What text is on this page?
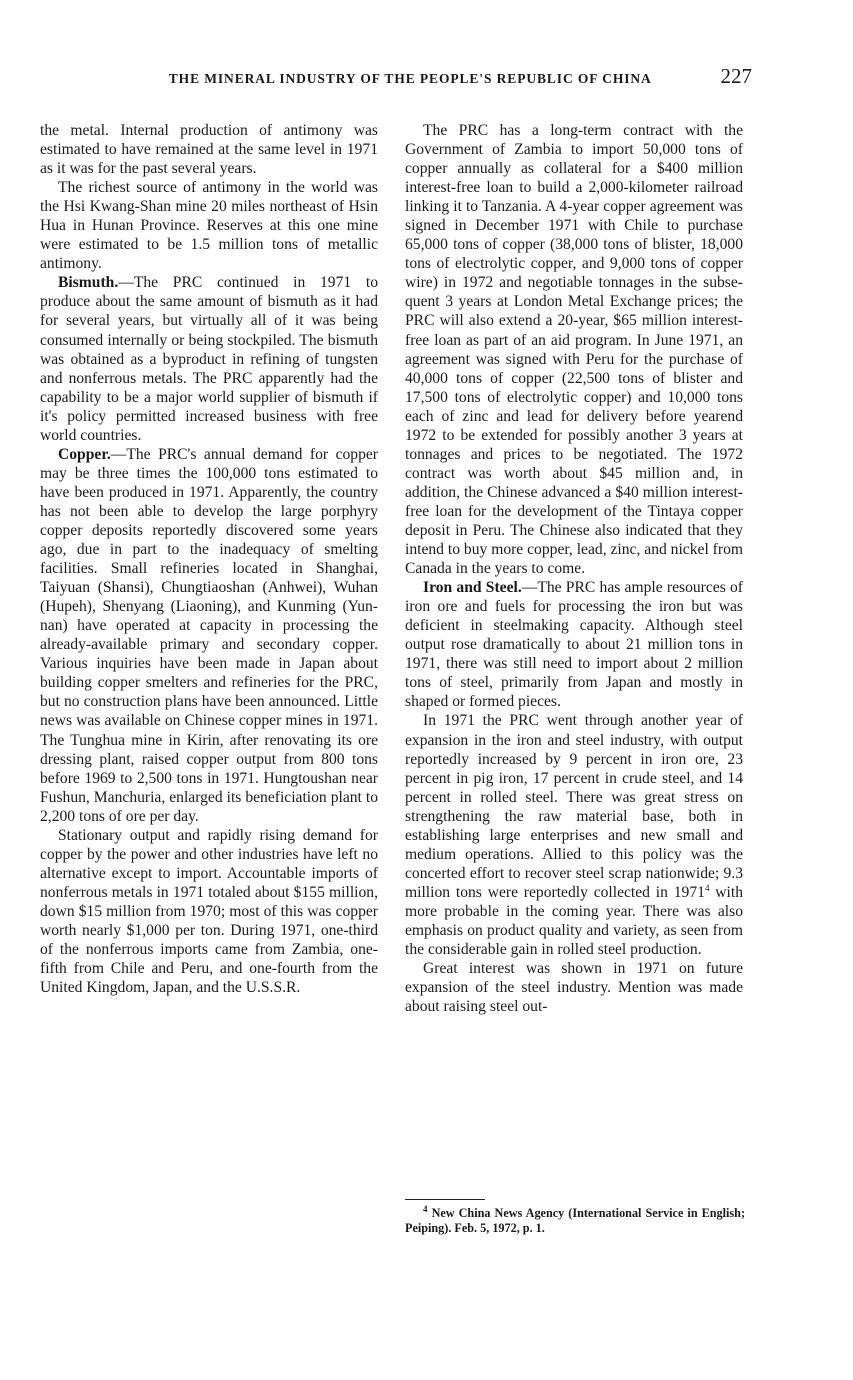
THE MINERAL INDUSTRY OF THE PEOPLE'S REPUBLIC OF CHINA	227

the metal. Internal production of antimony was estimated to have remained at the same level in 1971 as it was for the past several years.

The richest source of antimony in the world was the Hsi Kwang-Shan mine 20 miles northeast of Hsin Hua in Hunan Province. Reserves at this one mine were estimated to be 1.5 million tons of metallic antimony.

Bismuth.—The PRC continued in 1971 to produce about the same amount of bismuth as it had for several years, but virtually all of it was being consumed internally or being stockpiled. The bismuth was obtained as a byproduct in refining of tungsten and nonferrous metals. The PRC apparently had the capability to be a major world supplier of bismuth if it's policy permitted increased business with free world countries.

Copper.—The PRC's annual demand for copper may be three times the 100,000 tons estimated to have been produced in 1971. Apparently, the country has not been able to develop the large porphyry copper deposits reportedly discovered some years ago, due in part to the inadequacy of smelting facilities. Small refineries located in Shanghai, Taiyuan (Shansi), Chungtiaoshan (Anhwei), Wuhan (Hupeh), Shenyang (Liaoning), and Kunming (Yunnan) have operated at capacity in processing the already-available primary and secondary copper. Various inquiries have been made in Japan about building copper smelters and refineries for the PRC, but no construction plans have been announced. Little news was available on Chinese copper mines in 1971. The Tunghua mine in Kirin, after renovating its ore dressing plant, raised copper output from 800 tons before 1969 to 2,500 tons in 1971. Hungtoushan near Fushun, Manchuria, enlarged its beneficiation plant to 2,200 tons of ore per day.

Stationary output and rapidly rising demand for copper by the power and other industries have left no alternative except to import. Accountable imports of nonferrous metals in 1971 totaled about $155 million, down $15 million from 1970; most of this was copper worth nearly $1,000 per ton. During 1971, one-third of the nonferrous imports came from Zambia, one-fifth from Chile and Peru, and one-fourth from the United Kingdom, Japan, and the U.S.S.R.

The PRC has a long-term contract with the Government of Zambia to import 50,000 tons of copper annually as collateral for a $400 million interest-free loan to build a 2,000-kilometer railroad linking it to Tanzania. A 4-year copper agreement was signed in December 1971 with Chile to purchase 65,000 tons of copper (38,000 tons of blister, 18,000 tons of electrolytic copper, and 9,000 tons of copper wire) in 1972 and negotiable tonnages in the subsequent 3 years at London Metal Exchange prices; the PRC will also extend a 20-year, $65 million interest-free loan as part of an aid program. In June 1971, an agreement was signed with Peru for the purchase of 40,000 tons of copper (22,500 tons of blister and 17,500 tons of electrolytic copper) and 10,000 tons each of zinc and lead for delivery before yearend 1972 to be extended for possibly another 3 years at tonnages and prices to be negotiated. The 1972 contract was worth about $45 million and, in addition, the Chinese advanced a $40 million interest-free loan for the development of the Tintaya copper deposit in Peru. The Chinese also indicated that they intend to buy more copper, lead, zinc, and nickel from Canada in the years to come.

Iron and Steel.—The PRC has ample resources of iron ore and fuels for processing the iron but was deficient in steelmaking capacity. Although steel output rose dramatically to about 21 million tons in 1971, there was still need to import about 2 million tons of steel, primarily from Japan and mostly in shaped or formed pieces.

In 1971 the PRC went through another year of expansion in the iron and steel industry, with output reportedly increased by 9 percent in iron ore, 23 percent in pig iron, 17 percent in crude steel, and 14 percent in rolled steel. There was great stress on strengthening the raw material base, both in establishing large enterprises and new small and medium operations. Allied to this policy was the concerted effort to recover steel scrap nationwide; 9.3 million tons were reportedly collected in 1971$^4$ with more probable in the coming year. There was also emphasis on product quality and variety, as seen from the considerable gain in rolled steel production.

Great interest was shown in 1971 on future expansion of the steel industry. Mention was made about raising steel out-

$^4$ New China News Agency (International Service in English; Peiping). Feb. 5, 1972, p. 1.
